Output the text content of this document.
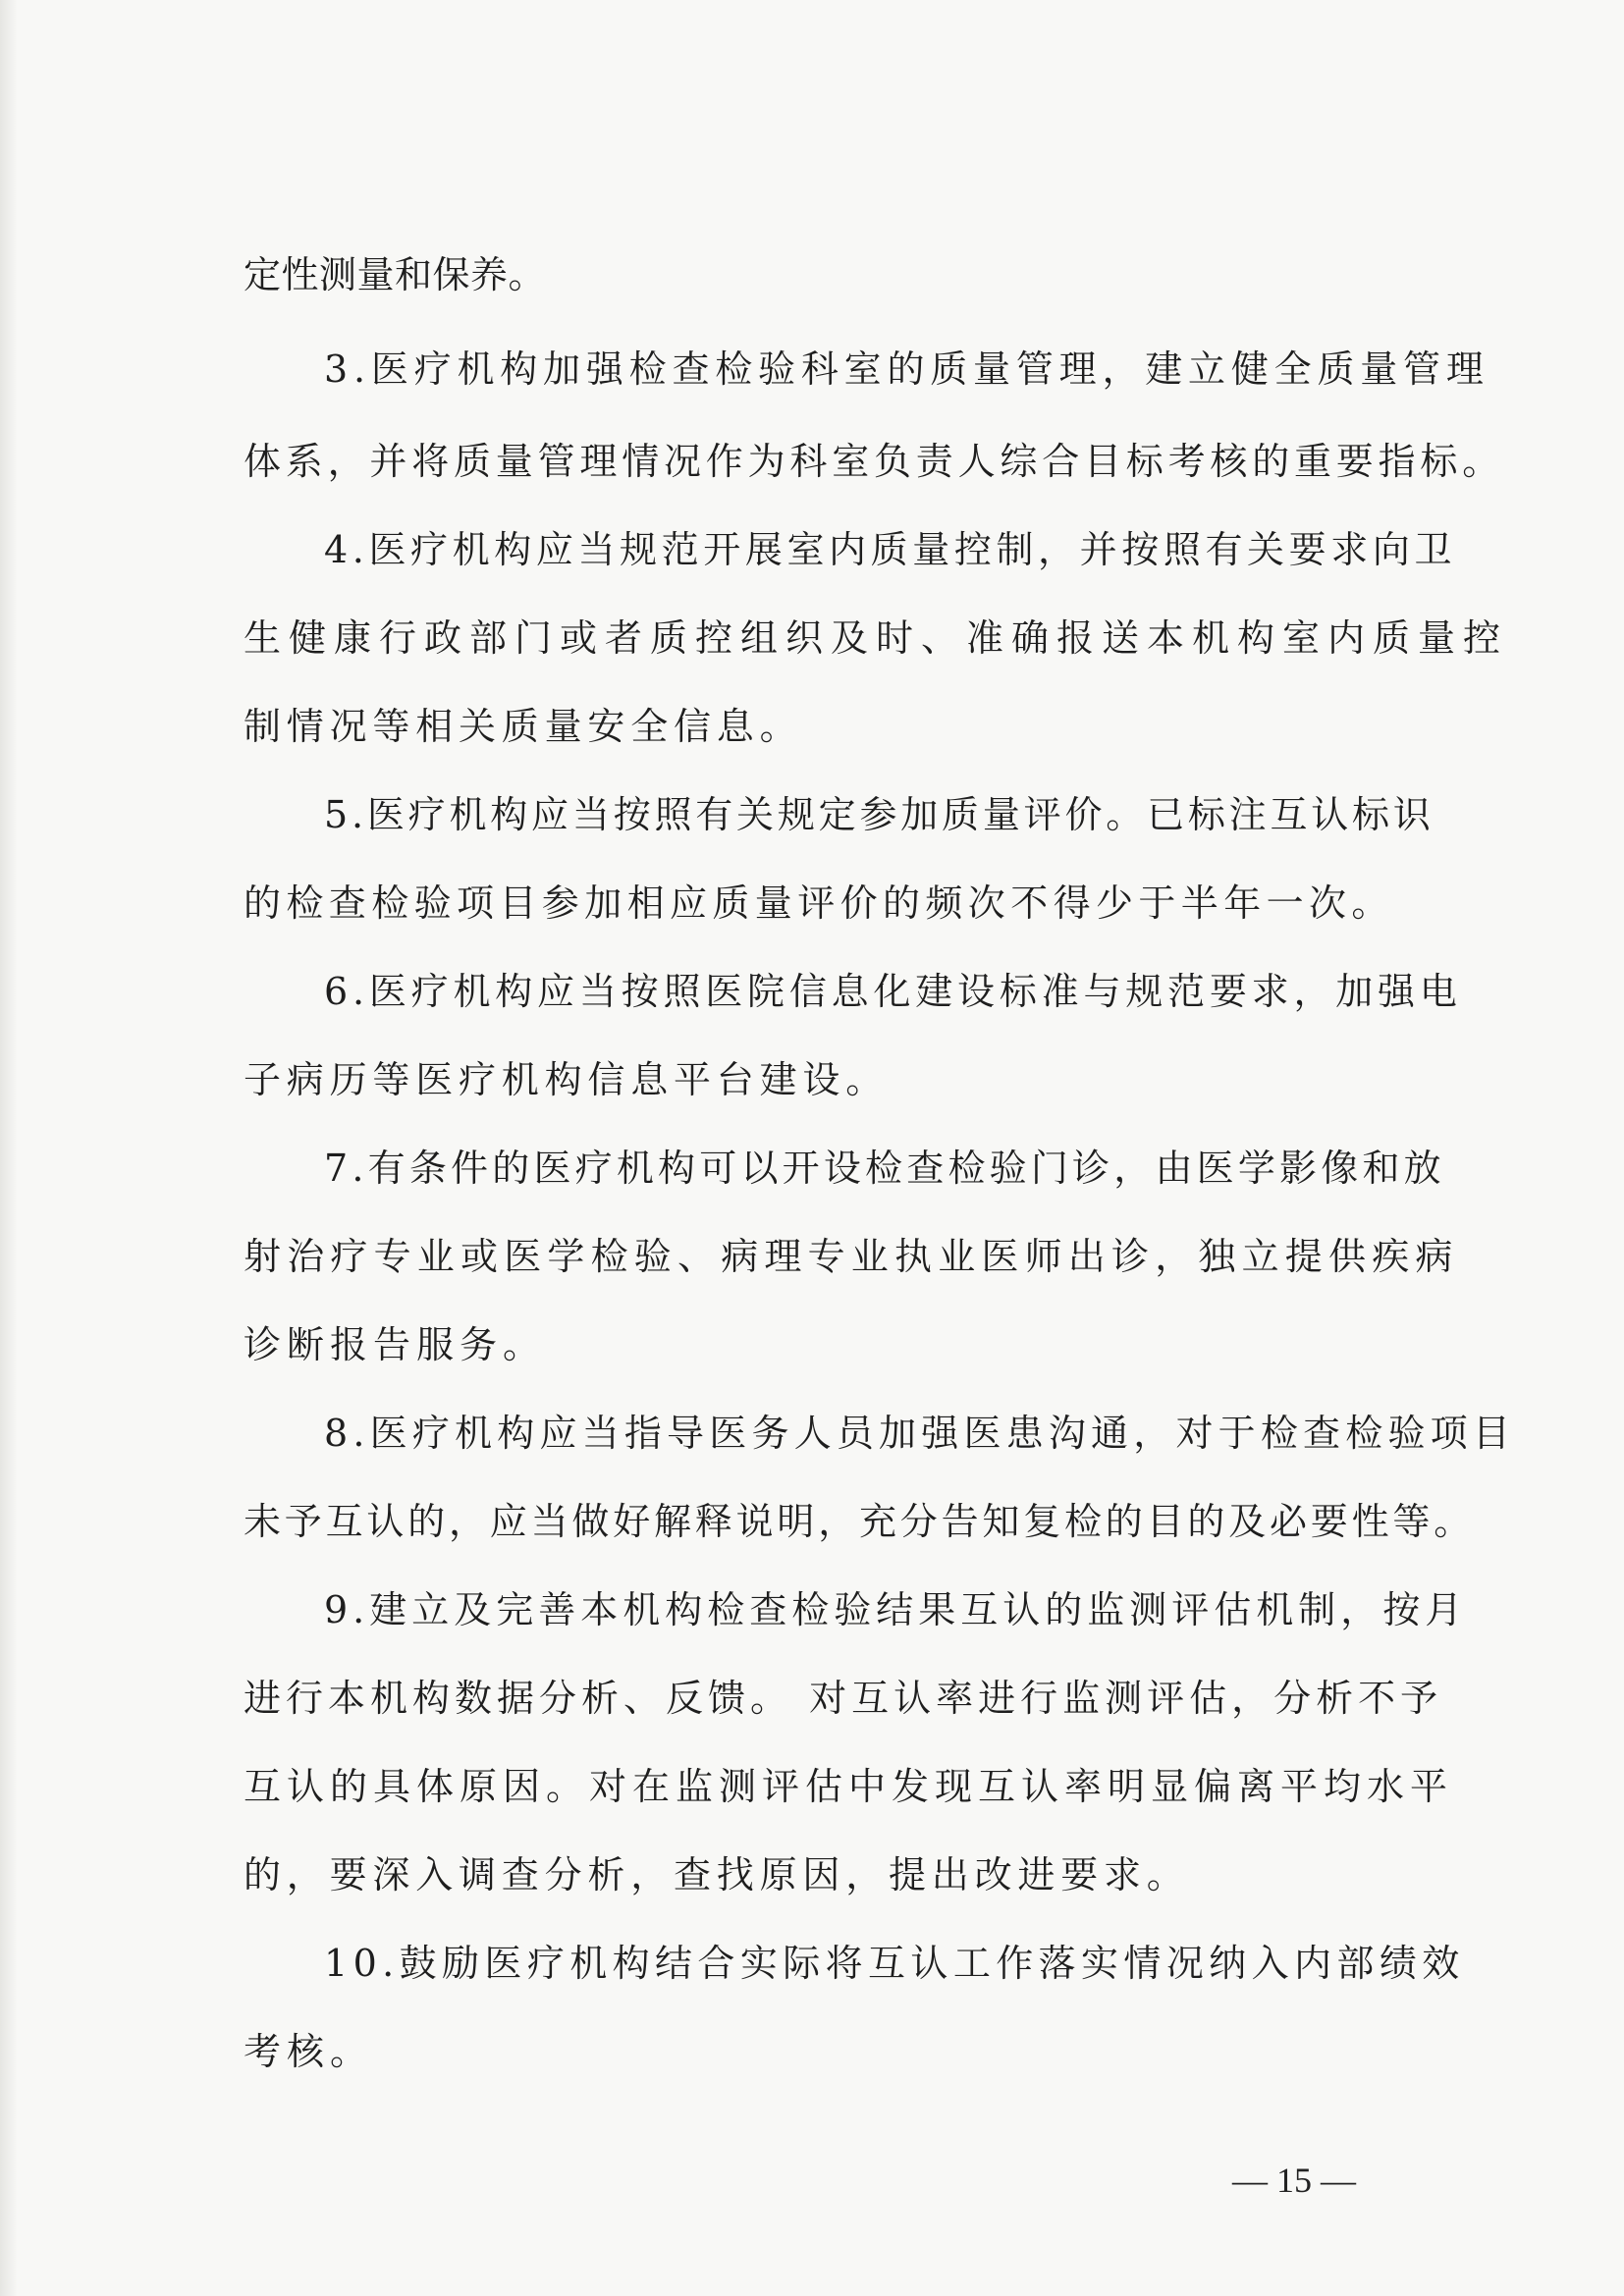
定性测量和保养。
3.医疗机构加强检查检验科室的质量管理，建立健全质量管理
体系，并将质量管理情况作为科室负责人综合目标考核的重要指标。
4.医疗机构应当规范开展室内质量控制，并按照有关要求向卫
生健康行政部门或者质控组织及时、准确报送本机构室内质量控
制情况等相关质量安全信息。
5.医疗机构应当按照有关规定参加质量评价。已标注互认标识
的检查检验项目参加相应质量评价的频次不得少于半年一次。
6.医疗机构应当按照医院信息化建设标准与规范要求，加强电
子病历等医疗机构信息平台建设。
7.有条件的医疗机构可以开设检查检验门诊，由医学影像和放
射治疗专业或医学检验、病理专业执业医师出诊，独立提供疾病
诊断报告服务。
8.医疗机构应当指导医务人员加强医患沟通，对于检查检验项目
未予互认的，应当做好解释说明，充分告知复检的目的及必要性等。
9.建立及完善本机构检查检验结果互认的监测评估机制，按月
进行本机构数据分析、反馈。 对互认率进行监测评估，分析不予
互认的具体原因。对在监测评估中发现互认率明显偏离平均水平
的，要深入调查分析，查找原因，提出改进要求。
10.鼓励医疗机构结合实际将互认工作落实情况纳入内部绩效
考核。
— 15 —
